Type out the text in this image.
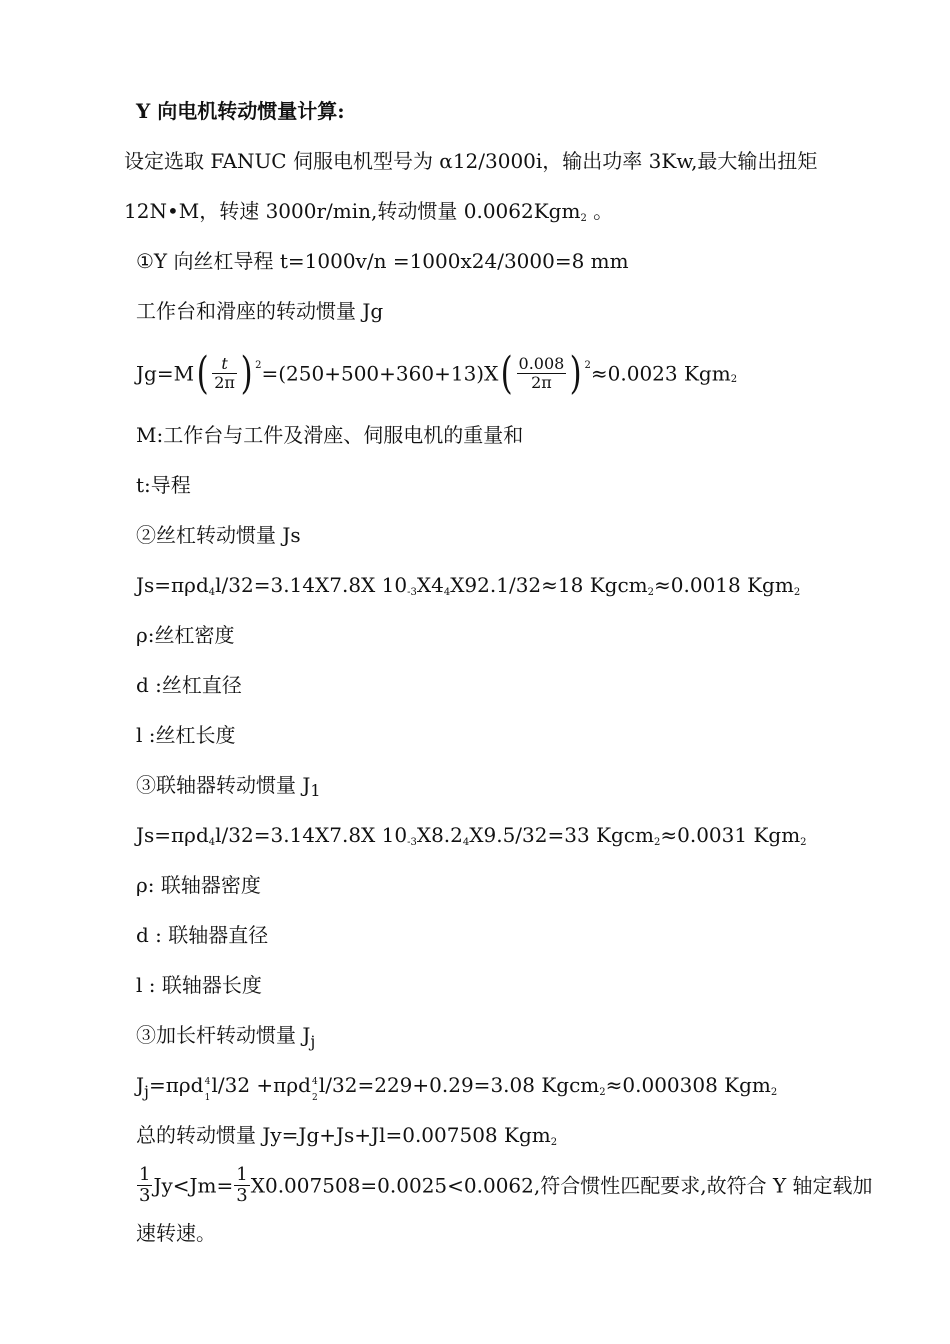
Y 向电机转动惯量计算:
设定选取 FANUC 伺服电机型号为 α12/3000i，输出功率 3Kw,最大输出扭矩
12N•M，转速 3000r/min,转动惯量 0.0062Kgm2 。
①Y 向丝杠导程 t=1000v/n =1000x24/3000=8 mm
工作台和滑座的转动惯量 Jg
$Jg=M( \frac{t}{2\pi}$ ) $^2=(250+500+360+13)X( \frac{0.008}{2\pi}$ ) $^2$≈0.0023 Kgm2
M:工作台与工件及滑座、伺服电机的重量和
t:导程
②丝杠转动惯量 Js
Js=πρd4l/32=3.14X7.8X 10-3X44X92.1/32≈18 Kgcm2≈0.0018 Kgm2
ρ:丝杠密度
d :丝杠直径
l :丝杠长度
③联轴器转动惯量 $J_1$
Js=πρd4l/32=3.14X7.8X 10-3X8.24X9.5/32=33 Kgcm2≈0.0031 Kgm2
ρ: 联轴器密度
d : 联轴器直径
l : 联轴器长度
③加长杆转动惯量 $J_j$
$J_j=\pi\rho d$ 4
1
l/32 +πρd 4
2
l/32=229+0.29=3.08 Kgcm2≈0.000308 Kgm2
总的转动惯量 Jy=Jg+Js+Jl=0.007508 Kgm2
$\frac{1}{3} Jy<Jm= \frac{1}{3} X0.007508=0.0025<0.0062$,符合惯性匹配要求,故符合 Y 轴定载加
速转速。
